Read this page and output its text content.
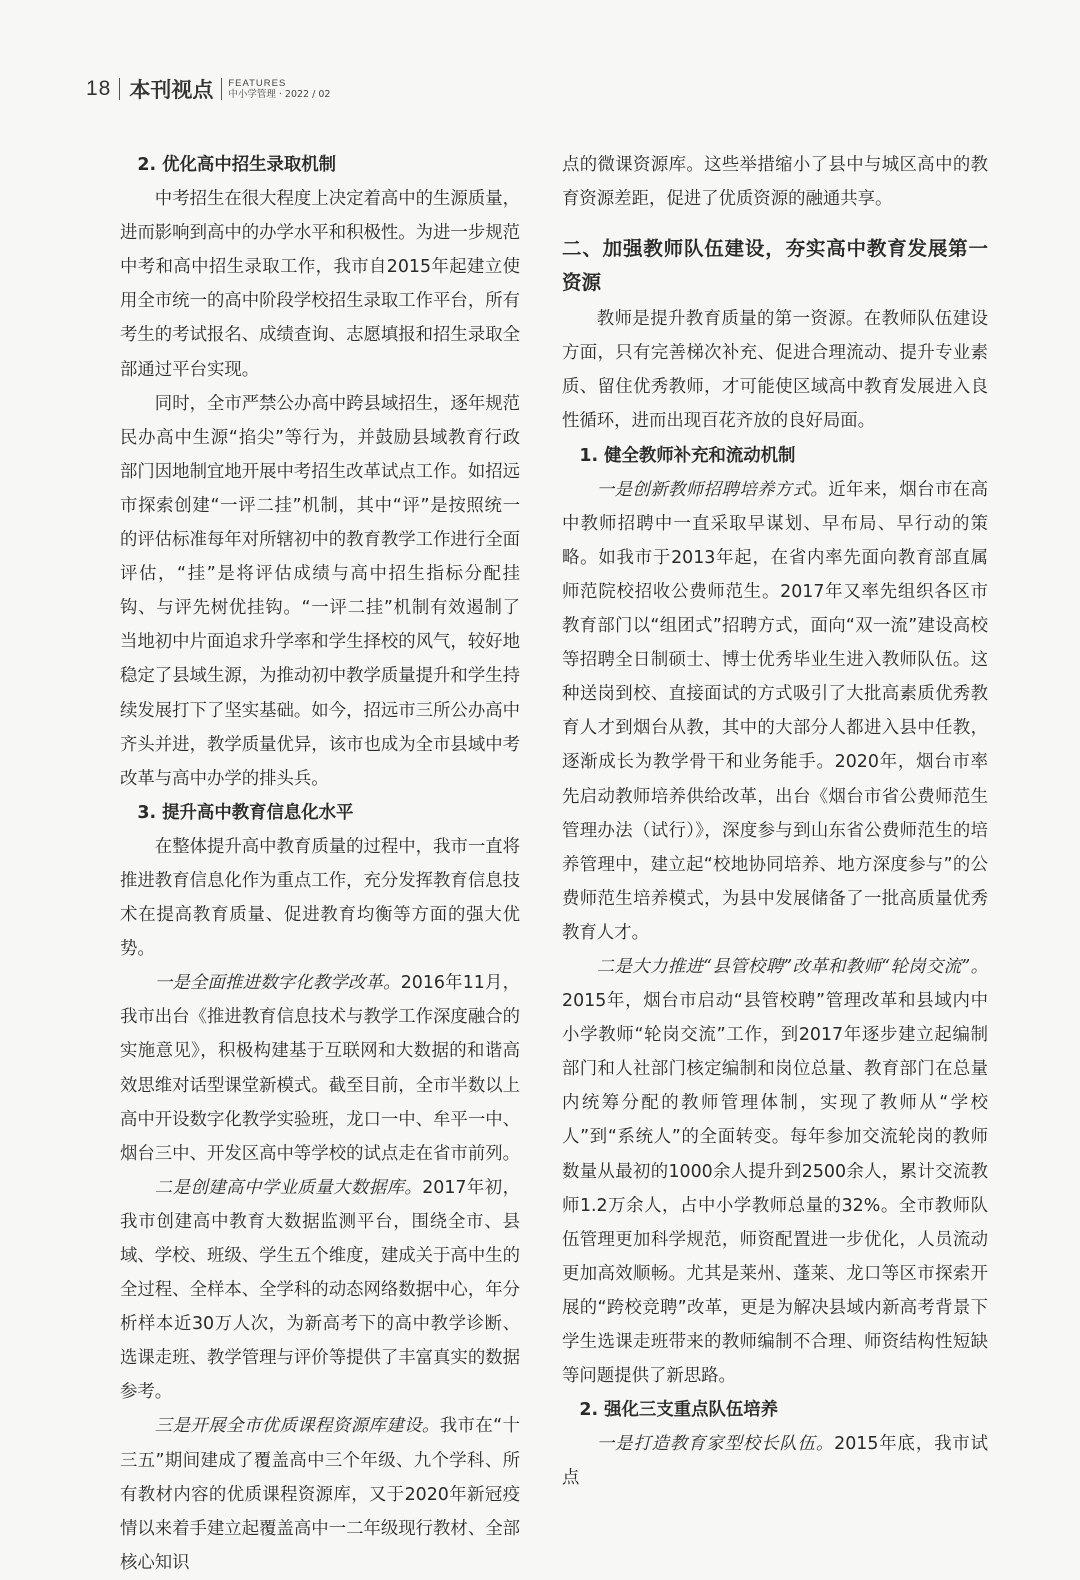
18 本刊视点 FEATURES
中小学管理 · 2022 / 02
2. 优化高中招生录取机制

中考招生在很大程度上决定着高中的生源质量，进而影响到高中的办学水平和积极性。为进一步规范中考和高中招生录取工作，我市自2015年起建立使用全市统一的高中阶段学校招生录取工作平台，所有考生的考试报名、成绩查询、志愿填报和招生录取全部通过平台实现。

同时，全市严禁公办高中跨县域招生，逐年规范民办高中生源“掐尖”等行为，并鼓励县域教育行政部门因地制宜地开展中考招生改革试点工作。如招远市探索创建“一评二挂”机制，其中“评”是按照统一的评估标准每年对所辖初中的教育教学工作进行全面评估，“挂”是将评估成绩与高中招生指标分配挂钩、与评先树优挂钩。“一评二挂”机制有效遏制了当地初中片面追求升学率和学生择校的风气，较好地稳定了县域生源，为推动初中教学质量提升和学生持续发展打下了坚实基础。如今，招远市三所公办高中齐头并进，教学质量优异，该市也成为全市县域中考改革与高中办学的排头兵。

3. 提升高中教育信息化水平

在整体提升高中教育质量的过程中，我市一直将推进教育信息化作为重点工作，充分发挥教育信息技术在提高教育质量、促进教育均衡等方面的强大优势。

一是全面推进数字化教学改革。2016年11月，我市出台《推进教育信息技术与教学工作深度融合的实施意见》，积极构建基于互联网和大数据的和谐高效思维对话型课堂新模式。截至目前，全市半数以上高中开设数字化教学实验班，龙口一中、牟平一中、烟台三中、开发区高中等学校的试点走在省市前列。

二是创建高中学业质量大数据库。2017年初，我市创建高中教育大数据监测平台，围绕全市、县域、学校、班级、学生五个维度，建成关于高中生的全过程、全样本、全学科的动态网络数据中心，年分析样本近30万人次，为新高考下的高中教学诊断、选课走班、教学管理与评价等提供了丰富真实的数据参考。

三是开展全市优质课程资源库建设。我市在“十三五”期间建成了覆盖高中三个年级、九个学科、所有教材内容的优质课程资源库，又于2020年新冠疫情以来着手建立起覆盖高中一二年级现行教材、全部核心知识

点的微课资源库。这些举措缩小了县中与城区高中的教育资源差距，促进了优质资源的融通共享。

二、加强教师队伍建设，夯实高中教育发展第一资源

教师是提升教育质量的第一资源。在教师队伍建设方面，只有完善梯次补充、促进合理流动、提升专业素质、留住优秀教师，才可能使区域高中教育发展进入良性循环，进而出现百花齐放的良好局面。

1. 健全教师补充和流动机制

一是创新教师招聘培养方式。近年来，烟台市在高中教师招聘中一直采取早谋划、早布局、早行动的策略。如我市于2013年起，在省内率先面向教育部直属师范院校招收公费师范生。2017年又率先组织各区市教育部门以“组团式”招聘方式，面向“双一流”建设高校等招聘全日制硕士、博士优秀毕业生进入教师队伍。这种送岗到校、直接面试的方式吸引了大批高素质优秀教育人才到烟台从教，其中的大部分人都进入县中任教，逐渐成长为教学骨干和业务能手。2020年，烟台市率先启动教师培养供给改革，出台《烟台市省公费师范生管理办法（试行）》，深度参与到山东省公费师范生的培养管理中，建立起“校地协同培养、地方深度参与”的公费师范生培养模式，为县中发展储备了一批高质量优秀教育人才。

二是大力推进“县管校聘”改革和教师“轮岗交流”。2015年，烟台市启动“县管校聘”管理改革和县域内中小学教师“轮岗交流”工作，到2017年逐步建立起编制部门和人社部门核定编制和岗位总量、教育部门在总量内统筹分配的教师管理体制，实现了教师从“学校人”到“系统人”的全面转变。每年参加交流轮岗的教师数量从最初的1000余人提升到2500余人，累计交流教师1.2万余人，占中小学教师总量的32%。全市教师队伍管理更加科学规范，师资配置进一步优化，人员流动更加高效顺畅。尤其是莱州、蓬莱、龙口等区市探索开展的“跨校竞聘”改革，更是为解决县域内新高考背景下学生选课走班带来的教师编制不合理、师资结构性短缺等问题提供了新思路。

2. 强化三支重点队伍培养

一是打造教育家型校长队伍。2015年底，我市试点
